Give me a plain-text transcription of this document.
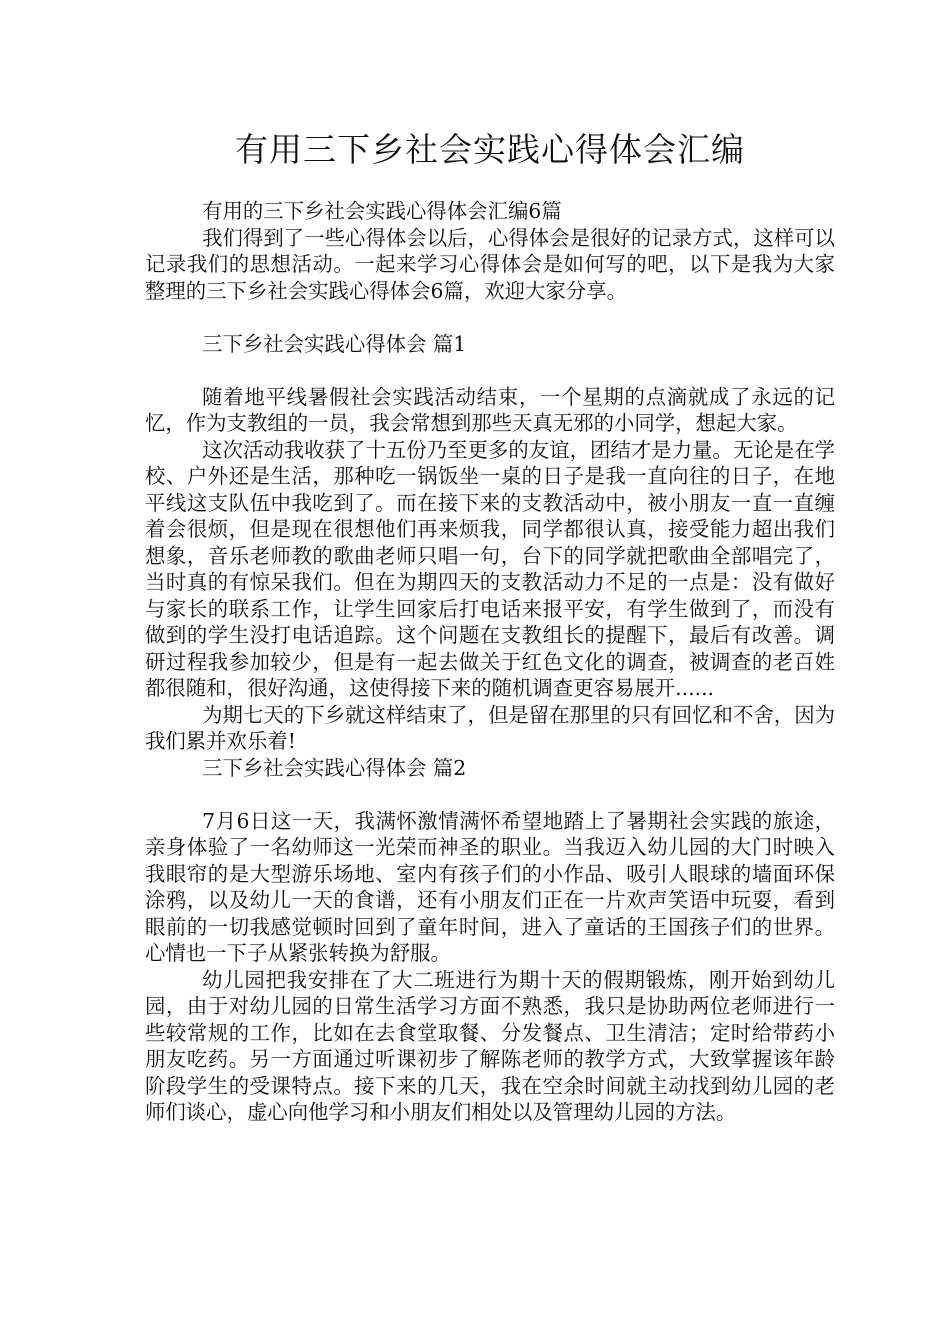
有用三下乡社会实践心得体会汇编

有用的三下乡社会实践心得体会汇编6篇

我们得到了一些心得体会以后，心得体会是很好的记录方式，这样可以记录我们的思想活动。一起来学习心得体会是如何写的吧，以下是我为大家整理的三下乡社会实践心得体会6篇，欢迎大家分享。

三下乡社会实践心得体会 篇1

随着地平线暑假社会实践活动结束，一个星期的点滴就成了永远的记忆，作为支教组的一员，我会常想到那些天真无邪的小同学，想起大家。

这次活动我收获了十五份乃至更多的友谊，团结才是力量。无论是在学校、户外还是生活，那种吃一锅饭坐一桌的日子是我一直向往的日子，在地平线这支队伍中我吃到了。而在接下来的支教活动中，被小朋友一直一直缠着会很烦，但是现在很想他们再来烦我，同学都很认真，接受能力超出我们想象，音乐老师教的歌曲老师只唱一句，台下的同学就把歌曲全部唱完了，当时真的有惊呆我们。但在为期四天的支教活动力不足的一点是：没有做好与家长的联系工作，让学生回家后打电话来报平安，有学生做到了，而没有做到的学生没打电话追踪。这个问题在支教组长的提醒下，最后有改善。调研过程我参加较少，但是有一起去做关于红色文化的调查，被调查的老百姓都很随和，很好沟通，这使得接下来的随机调查更容易展开......

为期七天的下乡就这样结束了，但是留在那里的只有回忆和不舍，因为我们累并欢乐着!

三下乡社会实践心得体会 篇2

7月6日这一天，我满怀激情满怀希望地踏上了暑期社会实践的旅途，亲身体验了一名幼师这一光荣而神圣的职业。当我迈入幼儿园的大门时映入我眼帘的是大型游乐场地、室内有孩子们的小作品、吸引人眼球的墙面环保涂鸦，以及幼儿一天的食谱，还有小朋友们正在一片欢声笑语中玩耍，看到眼前的一切我感觉顿时回到了童年时间，进入了童话的王国孩子们的世界。心情也一下子从紧张转换为舒服。

幼儿园把我安排在了大二班进行为期十天的假期锻炼，刚开始到幼儿园，由于对幼儿园的日常生活学习方面不熟悉，我只是协助两位老师进行一些较常规的工作，比如在去食堂取餐、分发餐点、卫生清洁；定时给带药小朋友吃药。另一方面通过听课初步了解陈老师的教学方式，大致掌握该年龄阶段学生的受课特点。接下来的几天，我在空余时间就主动找到幼儿园的老师们谈心，虚心向他学习和小朋友们相处以及管理幼儿园的方法。
